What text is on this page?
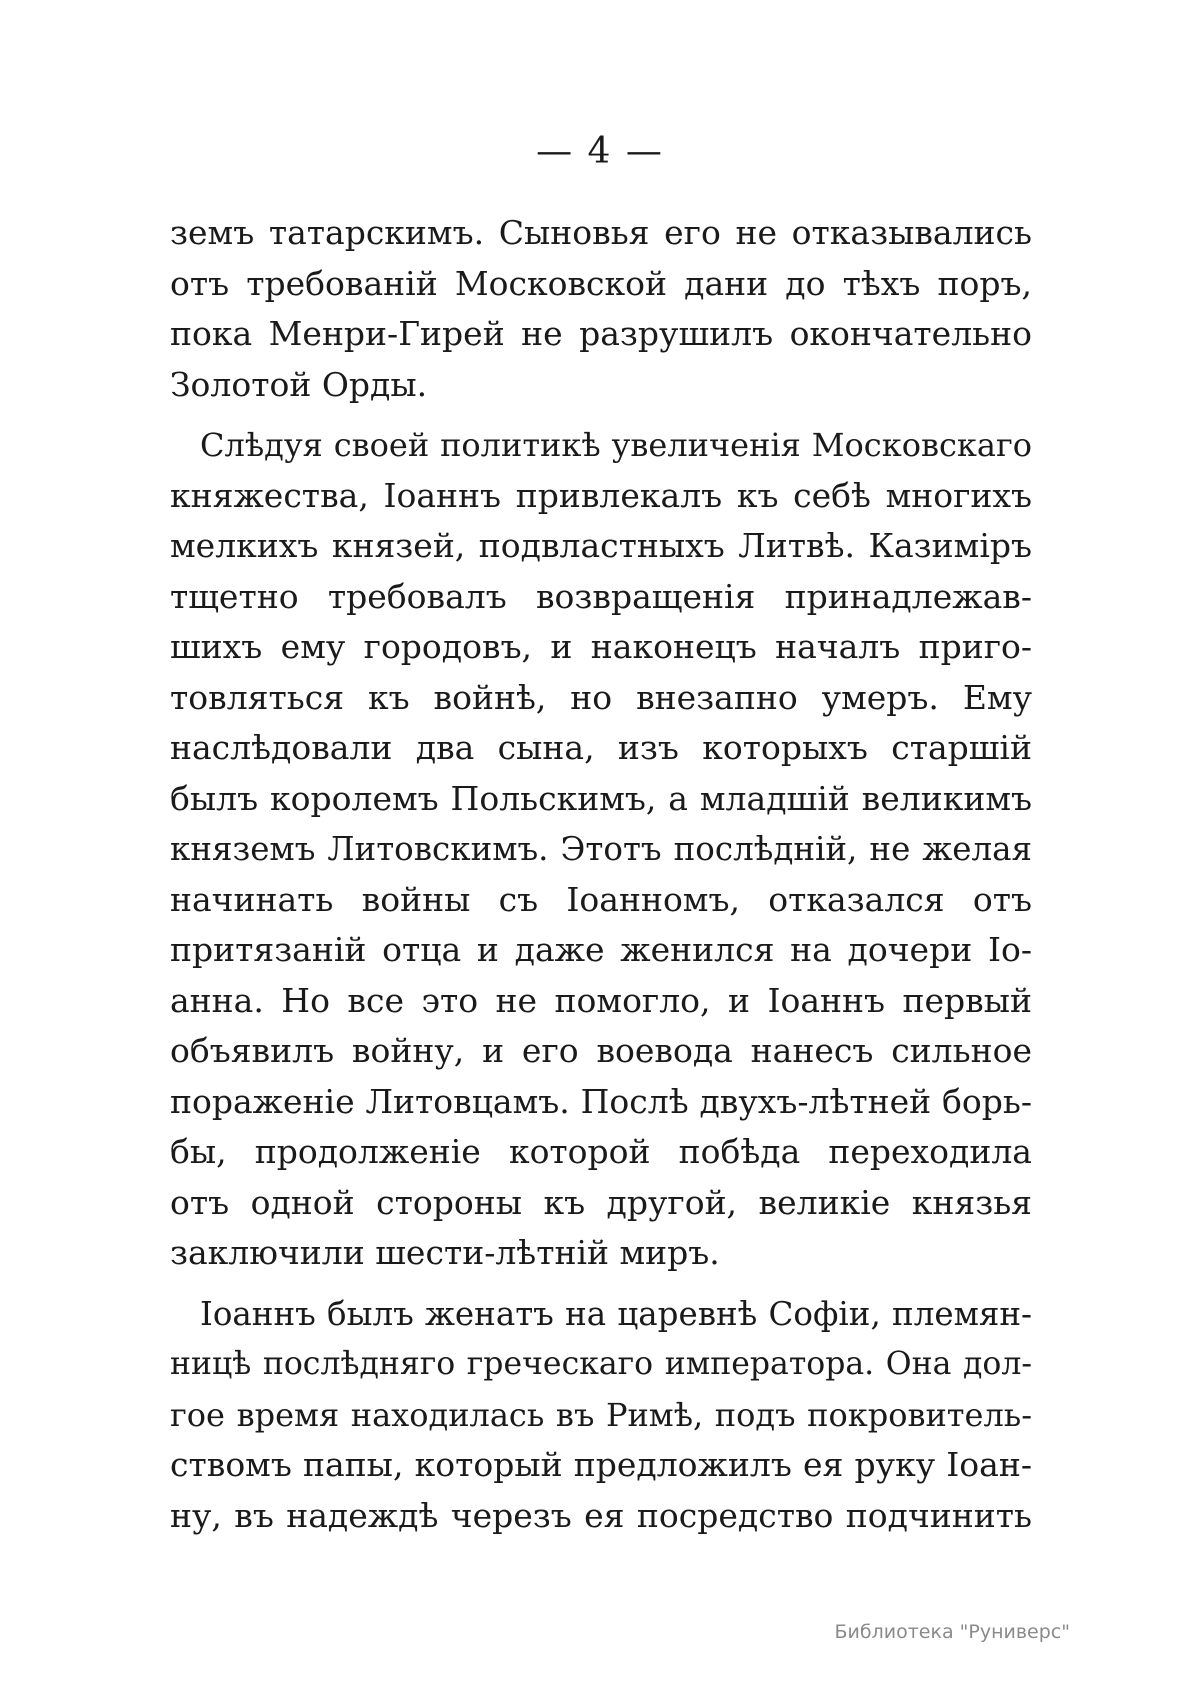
— 4 —

земъ татарскимъ. Сыновья его не отказывались
отъ требованій Московской дани до тѣхъ поръ,
пока Менри-Гирей не разрушилъ окончательно
Золотой Орды.

Слѣдуя своей политикѣ увеличенія Московскаго
княжества, Іоаннъ привлекалъ къ себѣ многихъ
мелкихъ князей, подвластныхъ Литвѣ. Казиміръ
тщетно требовалъ возвращенія принадлежав-
шихъ ему городовъ, и наконецъ началъ приго-
товляться къ войнѣ, но внезапно умеръ. Ему
наслѣдовали два сына, изъ которыхъ старшій
былъ королемъ Польскимъ, а младшій великимъ
княземъ Литовскимъ. Этотъ послѣдній, не желая
начинать войны съ Іоанномъ, отказался отъ
притязаній отца и даже женился на дочери Іо-
анна. Но все это не помогло, и Іоаннъ первый
объявилъ войну, и его воевода нанесъ сильное
пораженіе Литовцамъ. Послѣ двухъ-лѣтней борь-
бы, продолженіе которой побѣда переходила
отъ одной стороны къ другой, великіе князья
заключили шести-лѣтній миръ.

Іоаннъ былъ женатъ на царевнѣ Софіи, племян-
ницѣ послѣдняго греческаго императора. Она дол-
гое время находилась въ Римѣ, подъ покровитель-
ствомъ папы, который предложилъ ея руку Іоан-
ну, въ надеждѣ черезъ ея посредство подчинить

Библиотека "Руниверс"
